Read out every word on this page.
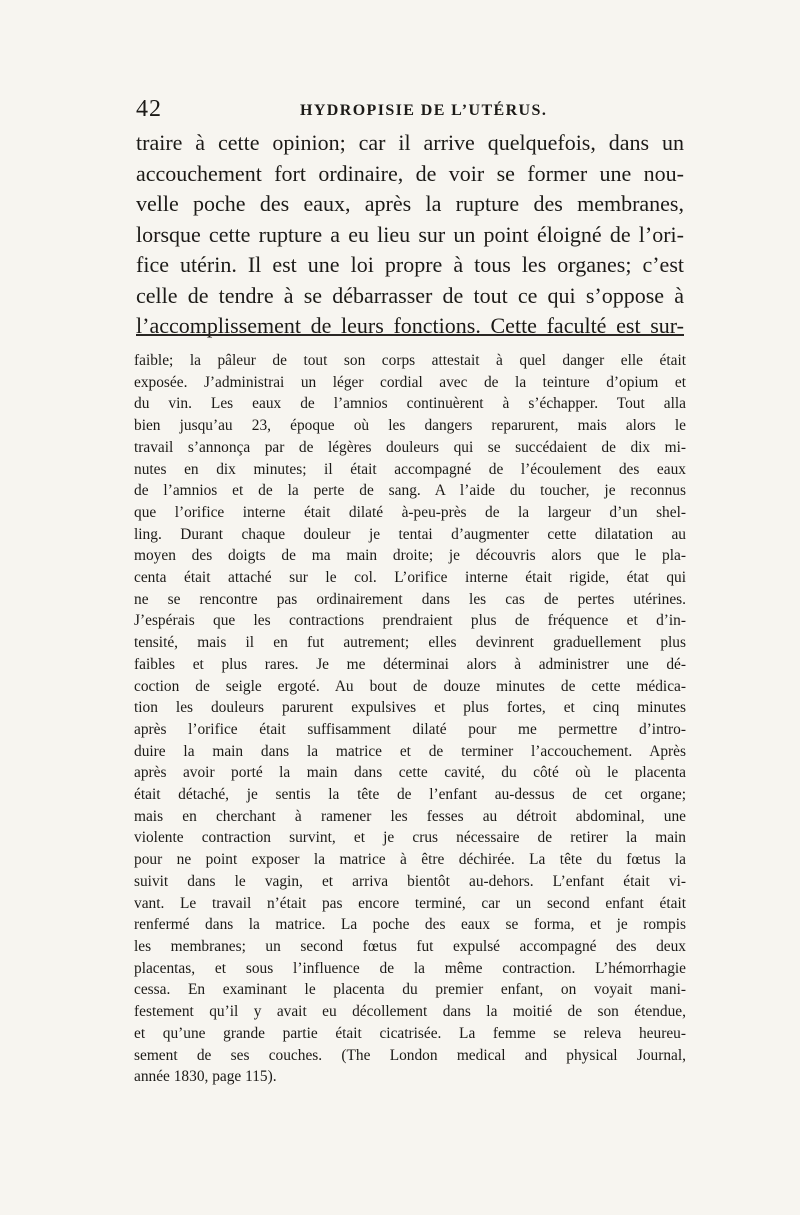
42	HYDROPISIE DE L’UTÉRUS.
traire à cette opinion; car il arrive quelquefois, dans un
accouchement fort ordinaire, de voir se former une nou-
velle poche des eaux, après la rupture des membranes,
lorsque cette rupture a eu lieu sur un point éloigné de l’ori-
fice utérin. Il est une loi propre à tous les organes; c’est
celle de tendre à se débarrasser de tout ce qui s’oppose à
l’accomplissement de leurs fonctions. Cette faculté est sur-
faible; la pâleur de tout son corps attestait à quel danger elle était
exposée. J’administrai un léger cordial avec de la teinture d’opium et
du vin. Les eaux de l’amnios continuèrent à s’échapper. Tout alla
bien jusqu’au 23, époque où les dangers reparurent, mais alors le
travail s’annonça par de légères douleurs qui se succédaient de dix mi-
nutes en dix minutes; il était accompagné de l’écoulement des eaux
de l’amnios et de la perte de sang. A l’aide du toucher, je reconnus
que l’orifice interne était dilaté à-peu-près de la largeur d’un shel-
ling. Durant chaque douleur je tentai d’augmenter cette dilatation au
moyen des doigts de ma main droite; je découvris alors que le pla-
centa était attaché sur le col. L’orifice interne était rigide, état qui
ne se rencontre pas ordinairement dans les cas de pertes utérines.
J’espérais que les contractions prendraient plus de fréquence et d’in-
tensité, mais il en fut autrement; elles devinrent graduellement plus
faibles et plus rares. Je me déterminai alors à administrer une dé-
coction de seigle ergoté. Au bout de douze minutes de cette médica-
tion les douleurs parurent expulsives et plus fortes, et cinq minutes
après l’orifice était suffisamment dilaté pour me permettre d’intro-
duire la main dans la matrice et de terminer l’accouchement. Après
après avoir porté la main dans cette cavité, du côté où le placenta
était détaché, je sentis la tête de l’enfant au-dessus de cet organe;
mais en cherchant à ramener les fesses au détroit abdominal, une
violente contraction survint, et je crus nécessaire de retirer la main
pour ne point exposer la matrice à être déchirée. La tête du fœtus la
suivit dans le vagin, et arriva bientôt au-dehors. L’enfant était vi-
vant. Le travail n’était pas encore terminé, car un second enfant était
renfermé dans la matrice. La poche des eaux se forma, et je rompis
les membranes; un second fœtus fut expulsé accompagné des deux
placentas, et sous l’influence de la même contraction. L’hémorrhagie
cessa. En examinant le placenta du premier enfant, on voyait mani-
festement qu’il y avait eu décollement dans la moitié de son étendue,
et qu’une grande partie était cicatrisée. La femme se releva heureu-
sement de ses couches. (The London medical and physical Journal,
année 1830, page 115).
